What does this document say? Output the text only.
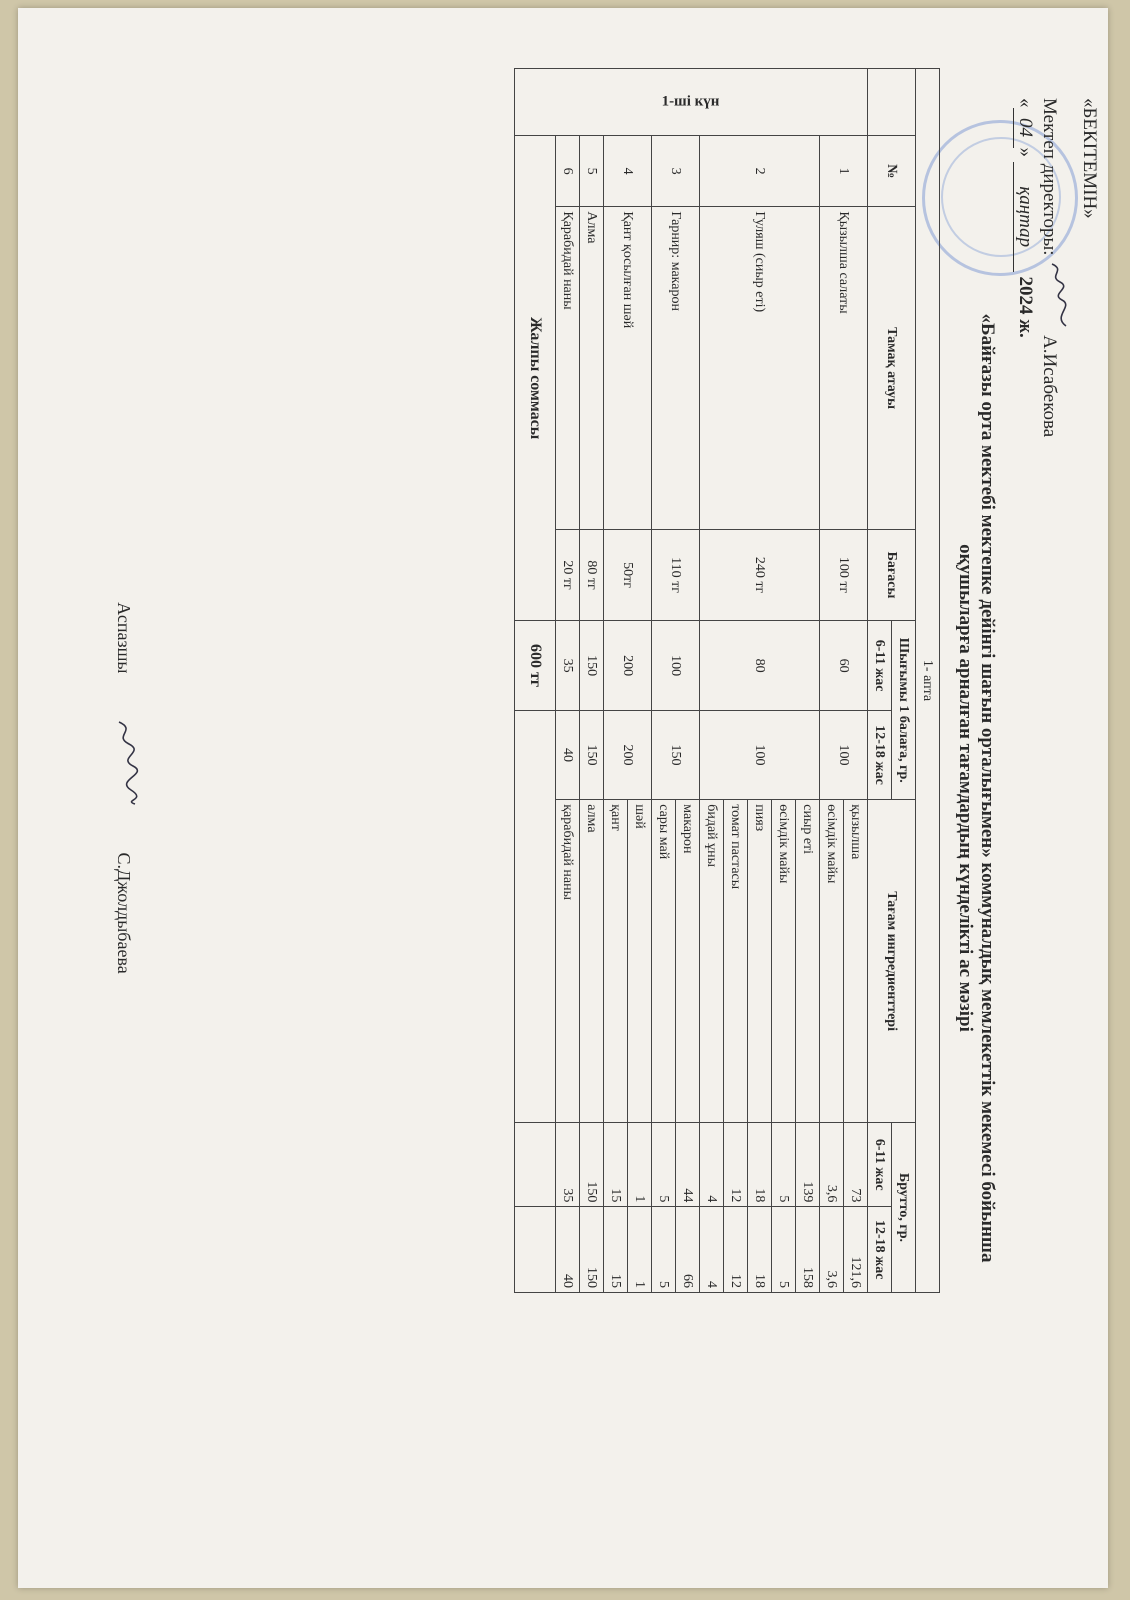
«БЕКІТЕМІН»
Мектеп директоры:  А.Исабекова
«04» қаңтар 2024 ж.
«Байғазы орта мектебі мектепке дейінгі шағын орталығымен» коммуналдық мемлекеттік мекемесі бойынша
оқушыларға арналған тағамдардың күнделікті ас мәзірі
1- апта								
	№	Тамақ атауы	Бағасы	Шығымы 1 балаға, гр.		Тағам ингредиенттері	Брутто, гр.	
				6-11 жас	12-18 жас		6-11 жас	12-18 жас

1-ші күн	1	Қызылша салаты	100 тг	60	100	қызылша	73	121,6
						өсімдік майы	3,6	3,6
	2	Гуляш (сиыр еті)	240 тг	80	100	сиыр еті	139	158
						өсімдік майы	5	5
						пияз	18	18
						томат пастасы	12	12
						бидай ұны	4	4
	3	Гарнир: макарон	110 тг	100	150	макарон	44	66
						сары май	5	5
	4	Қант қосылған шәй	50тг	200	200	шәй	1	1
						қант	15	15
	5	Алма	80 тг	150	150	алма	150	150
	6	Қарабидай наны	20 тг	35	40	қарабидай наны	35	40
	Жалпы соммасы			600 тг				
Аспазшы  С.Джолдыбаева
